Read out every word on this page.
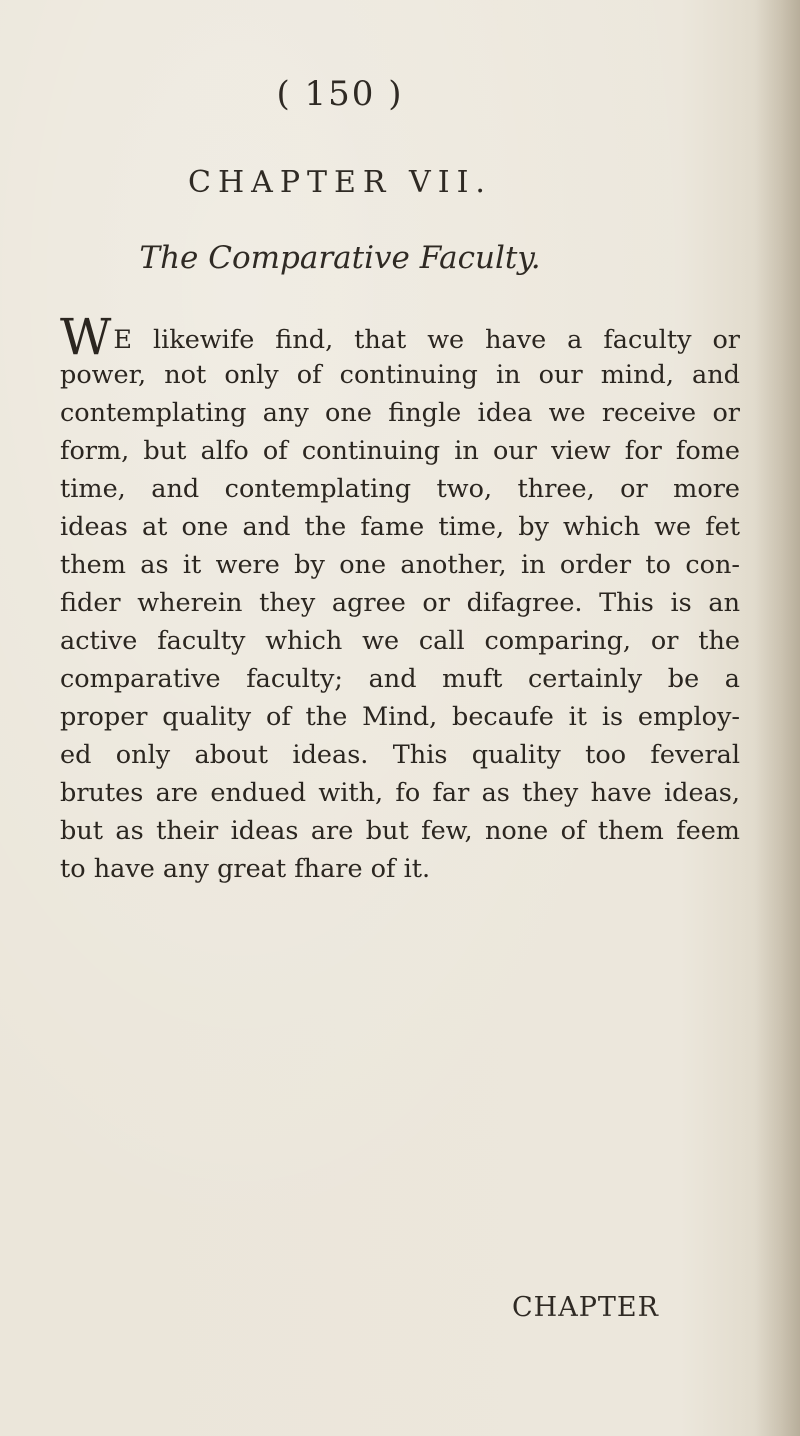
( 150 )
CHAPTER VII.
The Comparative Faculty.
WE likewife find, that we have a faculty or
power, not only of continuing in our mind, and
contemplating any one fingle idea we receive or
form, but alfo of continuing in our view for fome
time, and contemplating two, three, or more
ideas at one and the fame time, by which we fet
them as it were by one another, in order to con-
fider wherein they agree or difagree. This is an
active faculty which we call comparing, or the
comparative faculty; and muft certainly be a
proper quality of the Mind, becaufe it is employ-
ed only about ideas. This quality too feveral
brutes are endued with, fo far as they have ideas,
but as their ideas are but few, none of them feem
to have any great fhare of it.
CHAPTER
